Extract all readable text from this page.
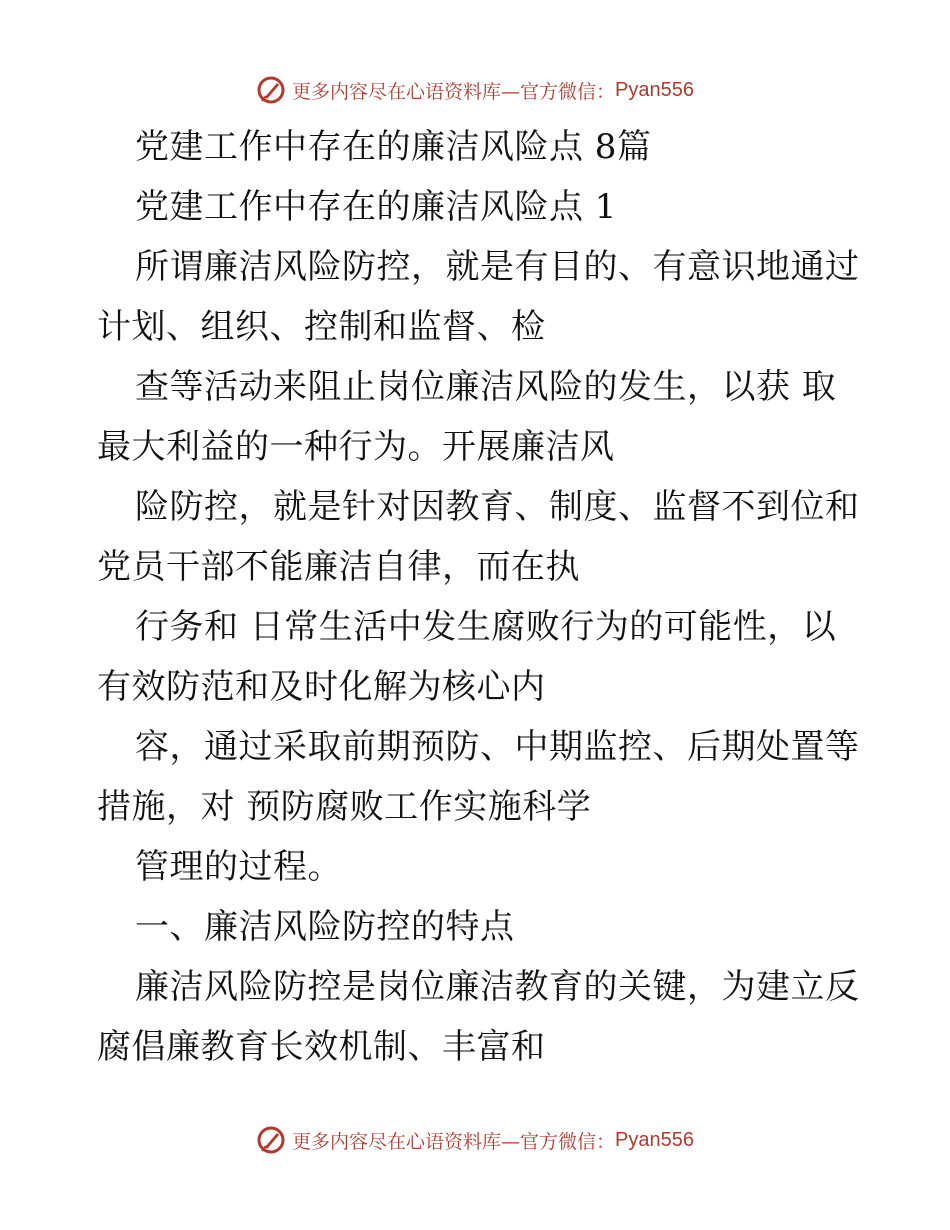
更多内容尽在心语资料库—官方微信： Pyan556
党建工作中存在的廉洁风险点 8篇
党建工作中存在的廉洁风险点 1
所谓廉洁风险防控，就是有目的、有意识地通过
计划、组织、控制和监督、检
查等活动来阻止岗位廉洁风险的发生，以获 取
最大利益的一种行为。开展廉洁风
险防控，就是针对因教育、制度、监督不到位和
党员干部不能廉洁自律，而在执
行务和 日常生活中发生腐败行为的可能性，以
有效防范和及时化解为核心内
容，通过采取前期预防、中期监控、后期处置等
措施，对 预防腐败工作实施科学
管理的过程。
一、廉洁风险防控的特点
廉洁风险防控是岗位廉洁教育的关键，为建立反
腐倡廉教育长效机制、丰富和
更多内容尽在心语资料库—官方微信： Pyan556
